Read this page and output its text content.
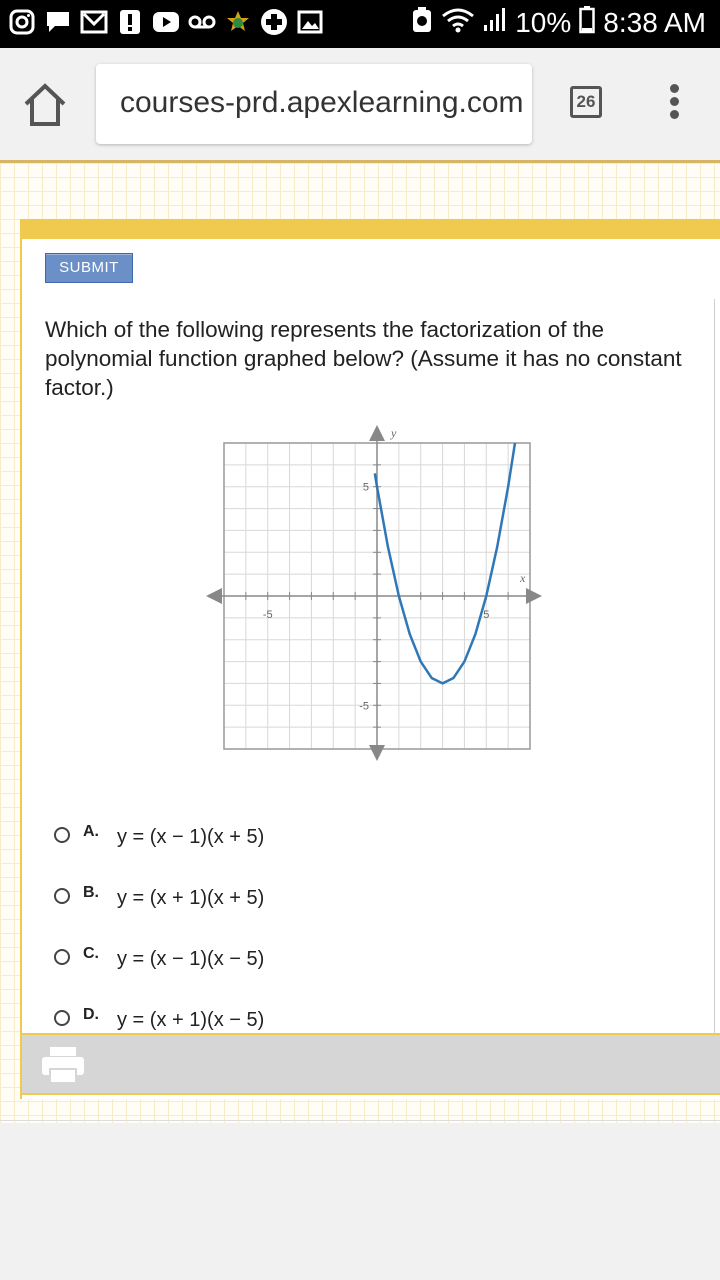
10% 8:38 AM
courses-prd.apexlearning.com	26
SUBMIT
Which of the following represents the factorization of the polynomial function graphed below? (Assume it has no constant factor.)
-5	5
5
-5
x
y
A. y = (x − 1)(x + 5)
B. y = (x + 1)(x + 5)
C. y = (x − 1)(x − 5)
D. y = (x + 1)(x − 5)
